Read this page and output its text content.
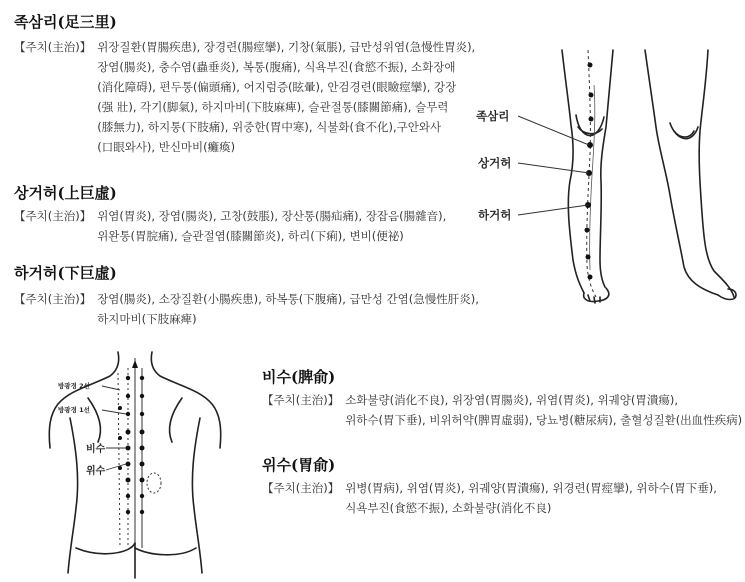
족삼리(足三里)
【주치(主治)】 위장질환(胃腸疾患), 장경련(腸痙攣), 기창(氣脹), 급만성위염(急慢性胃炎),
장염(腸炎), 충수염(蟲垂炎), 복통(腹痛), 식욕부진(食慾不振), 소화장애
(消化障碍), 편두통(偏頭痛), 어지럼증(眩暈), 안검경련(眼瞼痙攣), 강장
(强 壯), 각기(脚氣), 하지마비(下肢麻痺), 슬관절통(膝關節痛), 슬무력
(膝無力), 하지통(下肢痛), 위중한(胃中寒), 식불화(食不化),구안와사
(口眼와사), 반신마비(癱瘓)
상거허(上巨虛)
【주치(主治)】 위염(胃炎), 장염(腸炎), 고창(鼓脹), 장산통(腸疝痛), 장잡음(腸雜音),
위완통(胃脘痛), 슬관절염(膝關節炎), 하리(下痢), 변비(便祕)
하거허(下巨虛)
【주치(主治)】 장염(腸炎), 소장질환(小腸疾患), 하복통(下腹痛), 급만성 간염(急慢性肝炎),
하지마비(下肢麻痺)
비수(脾俞)
【주치(主治)】 소화불량(消化不良), 위장염(胃腸炎), 위염(胃炎), 위궤양(胃潰瘍),
위하수(胃下垂), 비위허약(脾胃虛弱), 당뇨병(糖尿病), 출혈성질환(出血性疾病)
위수(胃俞)
【주치(主治)】 위병(胃病), 위염(胃炎), 위궤양(胃潰瘍), 위경련(胃痙攣), 위하수(胃下垂),
식욕부진(食慾不振), 소화불량(消化不良)
족삼리
상거허
하거허
방광경 2선
방광경 1선
비수
위수
